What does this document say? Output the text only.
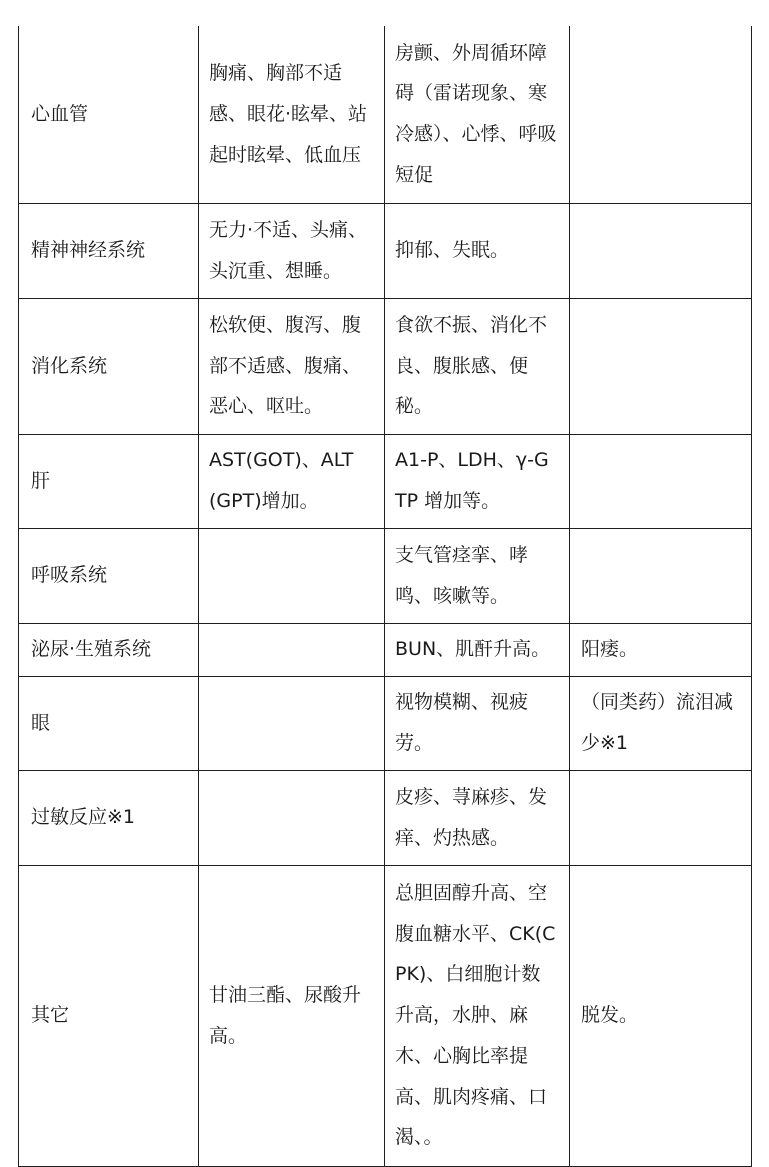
心血管	胸痛、胸部不适感、眼花·眩晕、站起时眩晕、低血压	房颤、外周循环障碍（雷诺现象、寒冷感）、心悸、呼吸短促	
精神神经系统	无力·不适、头痛、头沉重、想睡。	抑郁、失眠。	
消化系统	松软便、腹泻、腹部不适感、腹痛、恶心、呕吐。	食欲不振、消化不良、腹胀感、便秘。	
肝	AST(GOT)、ALT(GPT)增加。	A1-P、LDH、γ-GTP 增加等。	
呼吸系统		支气管痉挛、哮鸣、咳嗽等。	
泌尿·生殖系统		BUN、肌酐升高。	阳痿。
眼		视物模糊、视疲劳。	（同类药）流泪减少※1
过敏反应※1		皮疹、荨麻疹、发痒、灼热感。	
其它	甘油三酯、尿酸升高。	总胆固醇升高、空腹血糖水平、CK(CPK)、白细胞计数升高，水肿、麻木、心胸比率提高、肌肉疼痛、口渴、。	脱发。
